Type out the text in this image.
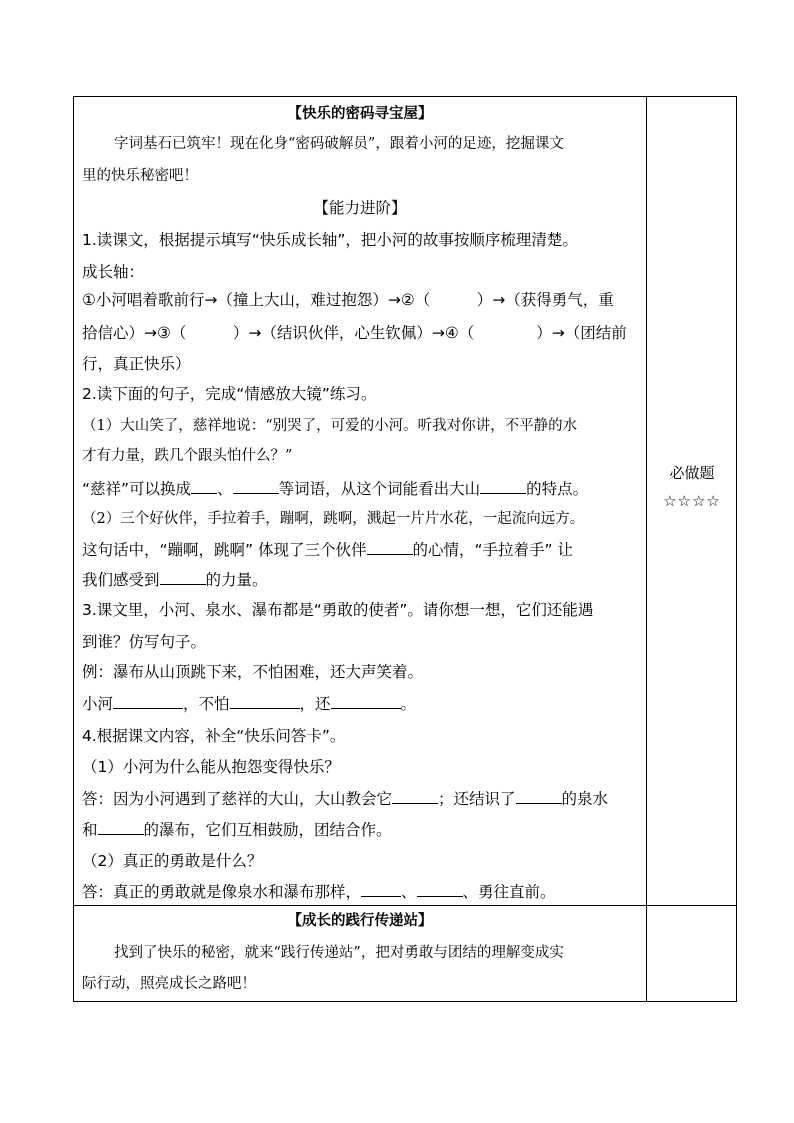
【快乐的密码寻宝屋】
字词基石已筑牢！现在化身“密码破解员”，跟着小河的足迹，挖掘课文
里的快乐秘密吧！
【能力进阶】
1.读课文，根据提示填写“快乐成长轴”，把小河的故事按顺序梳理清楚。
成长轴：
①小河唱着歌前行→（撞上大山，难过抱怨）→②（　　　）→（获得勇气，重
拾信心）→③（　　　）→（结识伙伴，心生钦佩）→④（　　　　）→（团结前
行，真正快乐）
2.读下面的句子，完成“情感放大镜”练习。
（1）大山笑了，慈祥地说：“别哭了，可爱的小河。听我对你讲，不平静的水
才有力量，跌几个跟头怕什么？”
“慈祥”可以换成 、	等词语，从这个词能看出大山	的特点。
（2）三个好伙伴，手拉着手，蹦啊，跳啊，溅起一片片水花，一起流向远方。
这句话中，“蹦啊，跳啊” 体现了三个伙伴	的心情，“手拉着手” 让
我们感受到	的力量。
3.课文里，小河、泉水、瀑布都是“勇敢的使者”。请你想一想，它们还能遇
到谁？仿写句子。
例：瀑布从山顶跳下来，不怕困难，还大声笑着。
小河	，不怕	，还	。
4.根据课文内容，补全“快乐问答卡”。
（1）小河为什么能从抱怨变得快乐？
答：因为小河遇到了慈祥的大山，大山教会它	；还结识了	的泉水
和	的瀑布，它们互相鼓励，团结合作。
（2）真正的勇敢是什么？
答：真正的勇敢就是像泉水和瀑布那样，	、	、勇往直前。
必做题
☆☆☆☆
【成长的践行传递站】
找到了快乐的秘密，就来“践行传递站”，把对勇敢与团结的理解变成实
际行动，照亮成长之路吧！
